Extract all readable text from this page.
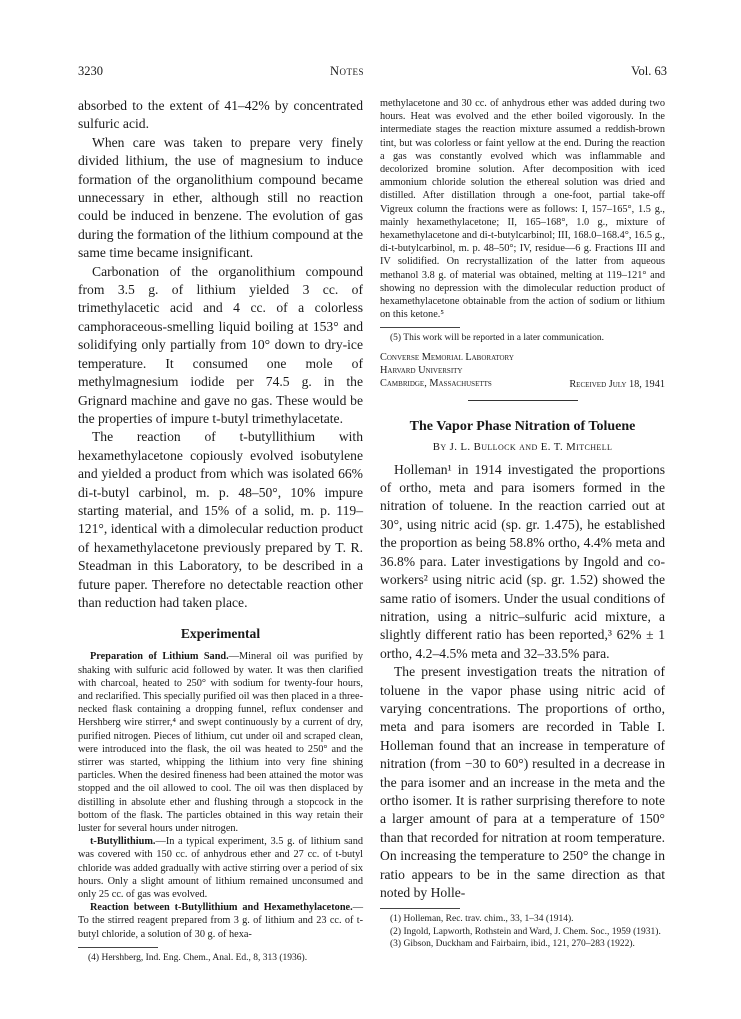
3230	Notes	Vol. 63

absorbed to the extent of 41–42% by concentrated sulfuric acid.

When care was taken to prepare very finely divided lithium, the use of magnesium to induce formation of the organolithium compound became unnecessary in ether, although still no reaction could be induced in benzene. The evolution of gas during the formation of the lithium compound at the same time became insignificant.

Carbonation of the organolithium compound from 3.5 g. of lithium yielded 3 cc. of trimethylacetic acid and 4 cc. of a colorless camphoraceous-smelling liquid boiling at 153° and solidifying only partially from 10° down to dry-ice temperature. It consumed one mole of methylmagnesium iodide per 74.5 g. in the Grignard machine and gave no gas. These would be the properties of impure t-butyl trimethylacetate.

The reaction of t-butyllithium with hexamethylacetone copiously evolved isobutylene and yielded a product from which was isolated 66% di-t-butyl carbinol, m. p. 48–50°, 10% impure starting material, and 15% of a solid, m. p. 119–121°, identical with a dimolecular reduction product of hexamethylacetone previously prepared by T. R. Steadman in this Laboratory, to be described in a future paper. Therefore no detectable reaction other than reduction had taken place.

Experimental

Preparation of Lithium Sand.—Mineral oil was purified by shaking with sulfuric acid followed by water. It was then clarified with charcoal, heated to 250° with sodium for twenty-four hours, and reclarified. This specially purified oil was then placed in a three-necked flask containing a dropping funnel, reflux condenser and Hershberg wire stirrer,⁴ and swept continuously by a current of dry, purified nitrogen. Pieces of lithium, cut under oil and scraped clean, were introduced into the flask, the oil was heated to 250° and the stirrer was started, whipping the lithium into very fine shining particles. When the desired fineness had been attained the motor was stopped and the oil allowed to cool. The oil was then displaced by distilling in absolute ether and flushing through a stopcock in the bottom of the flask. The particles obtained in this way retain their luster for several hours under nitrogen.

t-Butyllithium.—In a typical experiment, 3.5 g. of lithium sand was covered with 150 cc. of anhydrous ether and 27 cc. of t-butyl chloride was added gradually with active stirring over a period of six hours. Only a slight amount of lithium remained unconsumed and only 25 cc. of gas was evolved.

Reaction between t-Butyllithium and Hexamethylacetone.—To the stirred reagent prepared from 3 g. of lithium and 23 cc. of t-butyl chloride, a solution of 30 g. of hexa-

(4) Hershberg, Ind. Eng. Chem., Anal. Ed., 8, 313 (1936).

methylacetone and 30 cc. of anhydrous ether was added during two hours. Heat was evolved and the ether boiled vigorously. In the intermediate stages the reaction mixture assumed a reddish-brown tint, but was colorless or faint yellow at the end. During the reaction a gas was constantly evolved which was inflammable and decolorized bromine solution. After decomposition with iced ammonium chloride solution the ethereal solution was dried and distilled. After distillation through a one-foot, partial take-off Vigreux column the fractions were as follows: I, 157–165°, 1.5 g., mainly hexamethylacetone; II, 165–168°, 1.0 g., mixture of hexamethylacetone and di-t-butylcarbinol; III, 168.0–168.4°, 16.5 g., di-t-butylcarbinol, m. p. 48–50°; IV, residue—6 g. Fractions III and IV solidified. On recrystallization of the latter from aqueous methanol 3.8 g. of material was obtained, melting at 119–121° and showing no depression with the dimolecular reduction product of hexamethylacetone obtainable from the action of sodium or lithium on this ketone.⁵

(5) This work will be reported in a later communication.

Converse Memorial Laboratory

Harvard University

Cambridge, Massachusetts	Received July 18, 1941
The Vapor Phase Nitration of Toluene
By J. L. Bullock and E. T. Mitchell

Holleman¹ in 1914 investigated the proportions of ortho, meta and para isomers formed in the nitration of toluene. In the reaction carried out at 30°, using nitric acid (sp. gr. 1.475), he established the proportion as being 58.8% ortho, 4.4% meta and 36.8% para. Later investigations by Ingold and co-workers² using nitric acid (sp. gr. 1.52) showed the same ratio of isomers. Under the usual conditions of nitration, using a nitric–sulfuric acid mixture, a slightly different ratio has been reported,³ 62% ± 1 ortho, 4.2–4.5% meta and 32–33.5% para.

The present investigation treats the nitration of toluene in the vapor phase using nitric acid of varying concentrations. The proportions of ortho, meta and para isomers are recorded in Table I. Holleman found that an increase in temperature of nitration (from −30 to 60°) resulted in a decrease in the para isomer and an increase in the meta and the ortho isomer. It is rather surprising therefore to note a larger amount of para at a temperature of 150° than that recorded for nitration at room temperature. On increasing the temperature to 250° the change in ratio appears to be in the same direction as that noted by Holle-

(1) Holleman, Rec. trav. chim., 33, 1–34 (1914).

(2) Ingold, Lapworth, Rothstein and Ward, J. Chem. Soc., 1959 (1931).

(3) Gibson, Duckham and Fairbairn, ibid., 121, 270–283 (1922).
